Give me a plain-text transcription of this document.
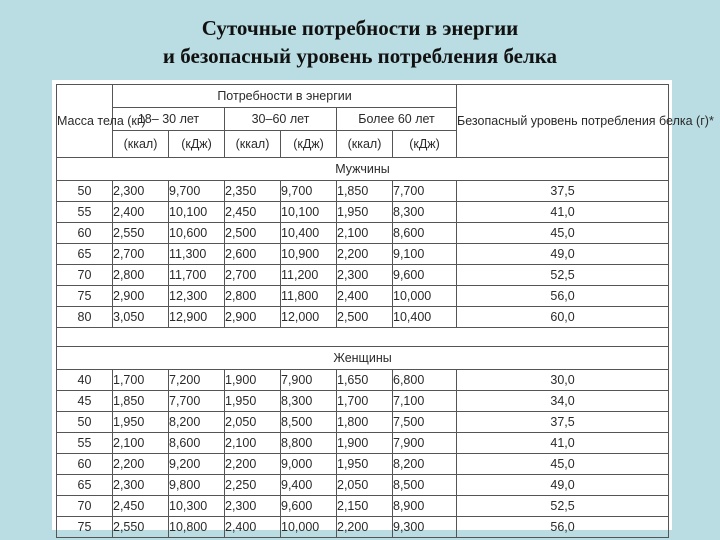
Суточные потребности в энергии
и безопасный уровень потребления белка
Масса тела (кг)	Потребности в энергии						Безопасный уровень потребления белка (г)*
	18– 30 лет		30–60 лет		Более 60 лет		
	(ккал)	(кДж)	(ккал)	(кДж)	(ккал)	(кДж)	
Мужчины							
50	2,300	9,700	2,350	9,700	1,850	7,700	37,5
55	2,400	10,100	2,450	10,100	1,950	8,300	41,0
60	2,550	10,600	2,500	10,400	2,100	8,600	45,0
65	2,700	11,300	2,600	10,900	2,200	9,100	49,0
70	2,800	11,700	2,700	11,200	2,300	9,600	52,5
75	2,900	12,300	2,800	11,800	2,400	10,000	56,0
80	3,050	12,900	2,900	12,000	2,500	10,400	60,0

Женщины							
40	1,700	7,200	1,900	7,900	1,650	6,800	30,0
45	1,850	7,700	1,950	8,300	1,700	7,100	34,0
50	1,950	8,200	2,050	8,500	1,800	7,500	37,5
55	2,100	8,600	2,100	8,800	1,900	7,900	41,0
60	2,200	9,200	2,200	9,000	1,950	8,200	45,0
65	2,300	9,800	2,250	9,400	2,050	8,500	49,0
70	2,450	10,300	2,300	9,600	2,150	8,900	52,5
75	2,550	10,800	2,400	10,000	2,200	9,300	56,0
